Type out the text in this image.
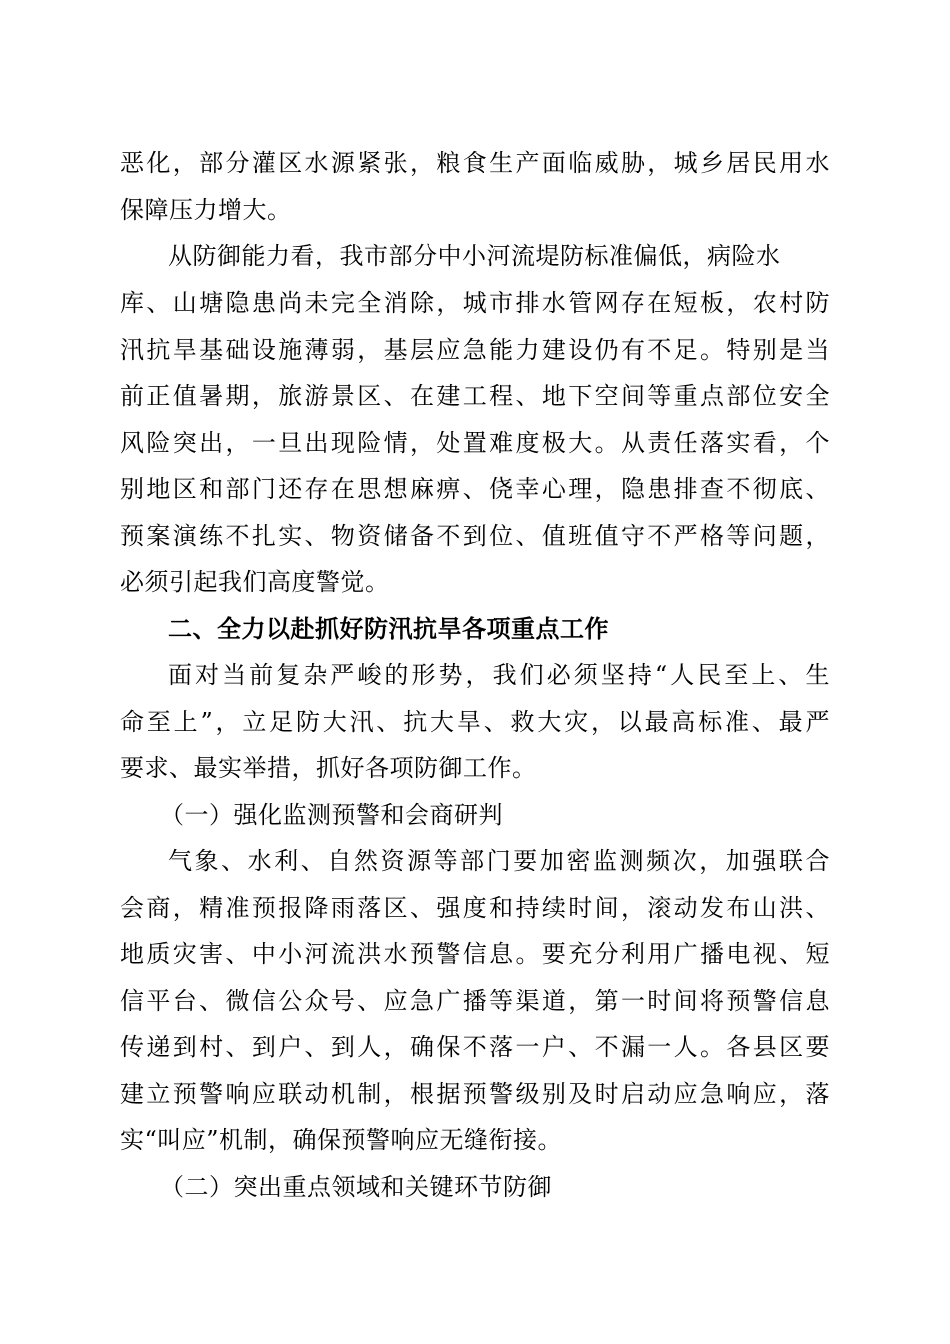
恶化，部分灌区水源紧张，粮食生产面临威胁，城乡居民用水
保障压力增大。
从防御能力看，我市部分中小河流堤防标准偏低，病险水
库、山塘隐患尚未完全消除，城市排水管网存在短板，农村防
汛抗旱基础设施薄弱，基层应急能力建设仍有不足。特别是当
前正值暑期，旅游景区、在建工程、地下空间等重点部位安全
风险突出，一旦出现险情，处置难度极大。从责任落实看，个
别地区和部门还存在思想麻痹、侥幸心理，隐患排查不彻底、
预案演练不扎实、物资储备不到位、值班值守不严格等问题，
必须引起我们高度警觉。
二、全力以赴抓好防汛抗旱各项重点工作
面对当前复杂严峻的形势，我们必须坚持“人民至上、生
命至上”，立足防大汛、抗大旱、救大灾，以最高标准、最严
要求、最实举措，抓好各项防御工作。
（一）强化监测预警和会商研判
气象、水利、自然资源等部门要加密监测频次，加强联合
会商，精准预报降雨落区、强度和持续时间，滚动发布山洪、
地质灾害、中小河流洪水预警信息。要充分利用广播电视、短
信平台、微信公众号、应急广播等渠道，第一时间将预警信息
传递到村、到户、到人，确保不落一户、不漏一人。各县区要
建立预警响应联动机制，根据预警级别及时启动应急响应，落
实“叫应”机制，确保预警响应无缝衔接。
（二）突出重点领域和关键环节防御
